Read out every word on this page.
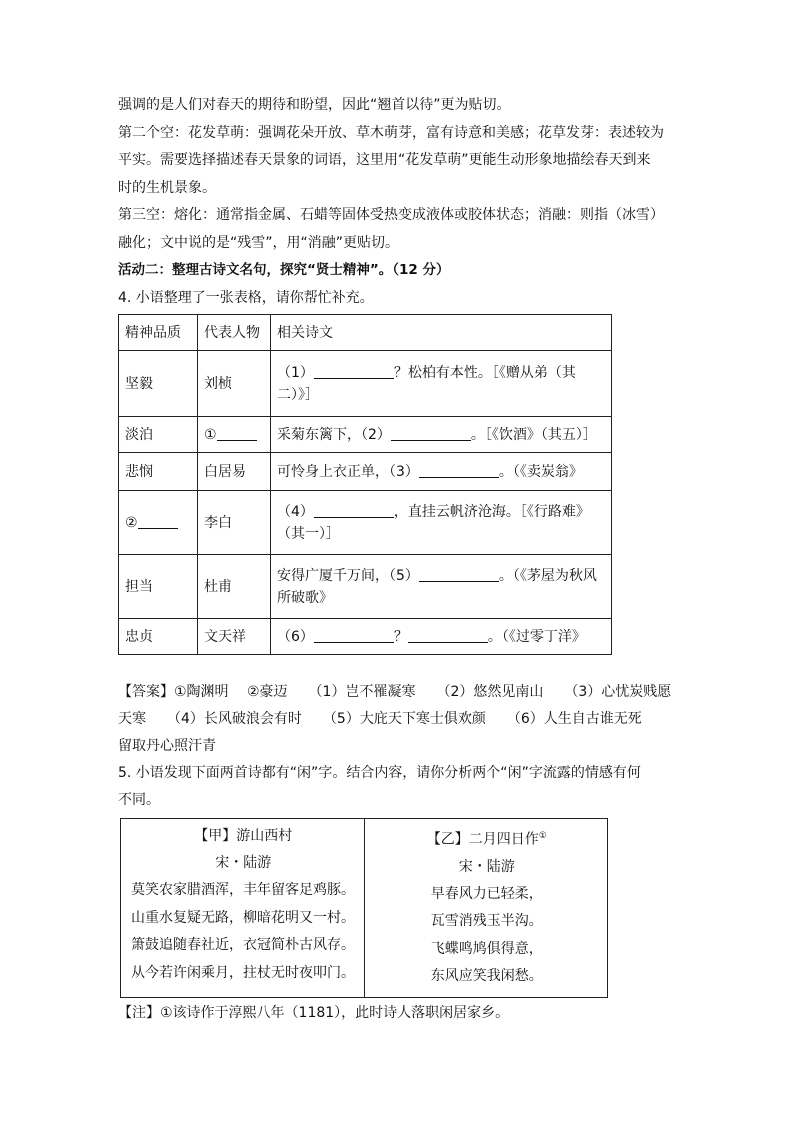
强调的是人们对春天的期待和盼望，因此“翘首以待”更为贴切。

第二个空：花发草萌：强调花朵开放、草木萌芽，富有诗意和美感；花草发芽：表述较为

平实。需要选择描述春天景象的词语，这里用“花发草萌”更能生动形象地描绘春天到来

时的生机景象。

第三空：熔化：通常指金属、石蜡等固体受热变成液体或胶体状态；消融：则指（冰雪）

融化；文中说的是“残雪”，用“消融”更贴切。

活动二：整理古诗文名句，探究“贤士精神”。（12 分）

4. 小语整理了一张表格，请你帮忙补充。

精神品质	代表人物	相关诗文
坚毅	刘桢	（1） ？松柏有本性。［《赠从弟（其
二）》］
淡泊	①	采菊东篱下，（2） 。［《饮酒》（其五）］
悲悯	白居易	可怜身上衣正单，（3） 。（《卖炭翁》
②	李白	（4） ，直挂云帆济沧海。［《行路难》
（其一）］
担当	杜甫	安得广厦千万间，（5） 。（《茅屋为秋风
所破歌》
忠贞	文天祥	（6） ？ 。（《过零丁洋》

【答案】①陶渊明　 ②豪迈　　（1）岂不罹凝寒　　（2）悠然见南山　　（3）心忧炭贱愿

天寒　　（4）长风破浪会有时　　（5）大庇天下寒士俱欢颜　　（6）人生自古谁无死

留取丹心照汗青

5. 小语发现下面两首诗都有“闲”字。结合内容，请你分析两个“闲”字流露的情感有何

不同。

【甲】游山西村
宋・陆游
莫笑农家腊酒浑，丰年留客足鸡豚。
山重水复疑无路，柳暗花明又一村。
箫鼓追随春社近，衣冠简朴古风存。
从今若许闲乘月，拄杖无时夜叩门。

【乙】二月四日作①
宋・陆游
早春风力已轻柔，
瓦雪消残玉半沟。
飞蝶鸣鸠俱得意，
东风应笑我闲愁。

【注】①该诗作于淳熙八年（1181），此时诗人落职闲居家乡。
